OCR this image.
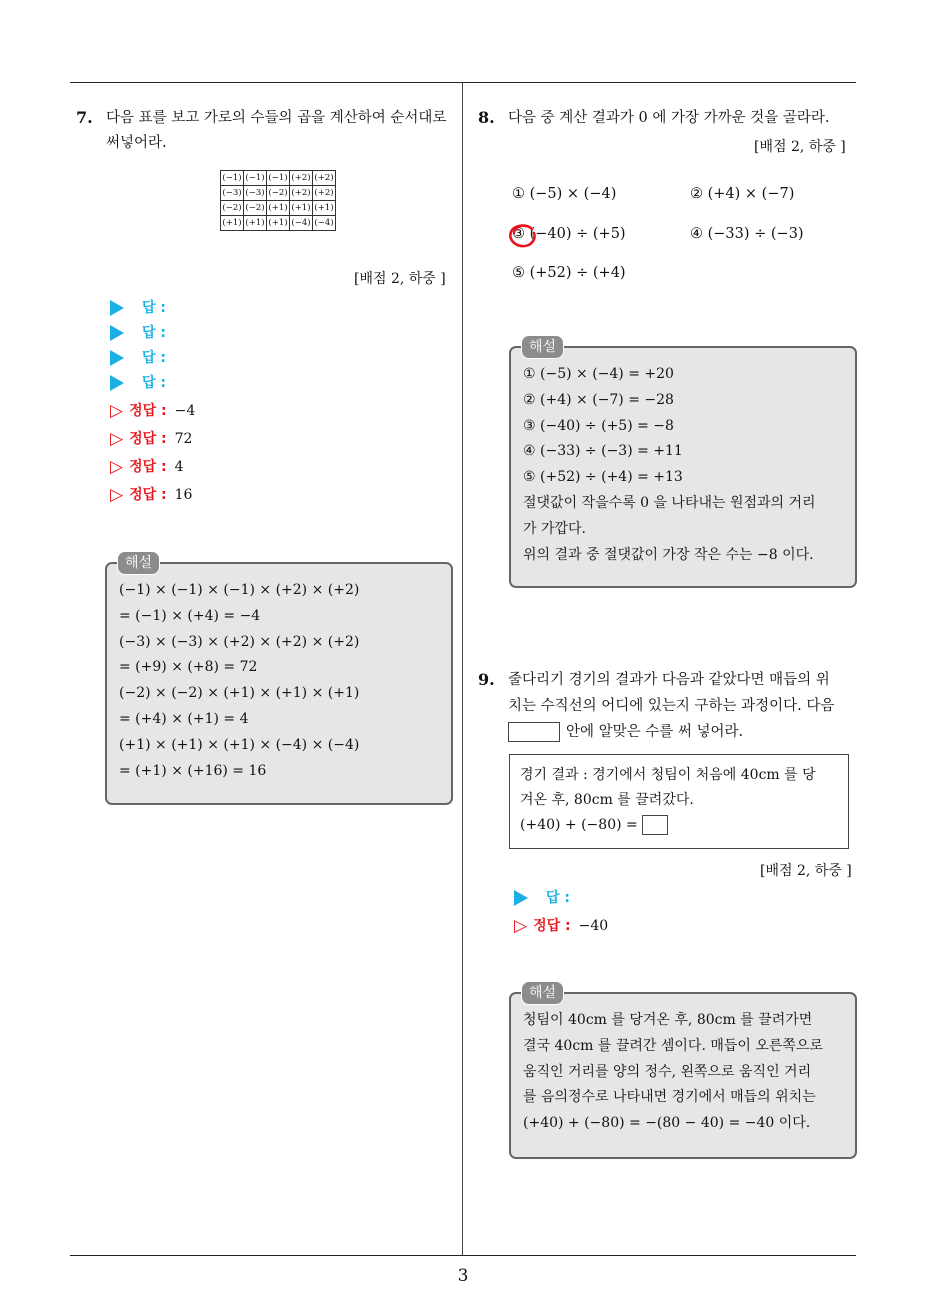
7. 다음 표를 보고 가로의 수들의 곱을 계산하여 순서대로 써넣어라.
(−1)	(−1)	(−1)	(+2)	(+2)
(−3)	(−3)	(−2)	(+2)	(+2)
(−2)	(−2)	(+1)	(+1)	(+1)
(+1)	(+1)	(+1)	(−4)	(−4)
[배점 2, 하중 ]
답 :
답 :
답 :
답 :
▷ 정답 : −4
▷ 정답 : 72
▷ 정답 : 4
▷ 정답 : 16
해설
(−1) × (−1) × (−1) × (+2) × (+2)
= (−1) × (+4) = −4
(−3) × (−3) × (+2) × (+2) × (+2)
= (+9) × (+8) = 72
(−2) × (−2) × (+1) × (+1) × (+1)
= (+4) × (+1) = 4
(+1) × (+1) × (+1) × (−4) × (−4)
= (+1) × (+16) = 16
8. 다음 중 계산 결과가 0 에 가장 가까운 것을 골라라.
[배점 2, 하중 ]
① (−5) × (−4)	② (+4) × (−7)
③ (−40) ÷ (+5)	④ (−33) ÷ (−3)
⑤ (+52) ÷ (+4)
해설
① (−5) × (−4) = +20
② (+4) × (−7) = −28
③ (−40) ÷ (+5) = −8
④ (−33) ÷ (−3) = +11
⑤ (+52) ÷ (+4) = +13
절댓값이 작을수록 0 을 나타내는 원점과의 거리
가 가깝다.
위의 결과 중 절댓값이 가장 작은 수는 −8 이다.
9. 줄다리기 경기의 결과가 다음과 같았다면 매듭의 위
치는 수직선의 어디에 있는지 구하는 과정이다. 다음
안에 알맞은 수를 써 넣어라.
경기 결과 : 경기에서 청팀이 처음에 40cm 를 당
겨온 후, 80cm 를 끌려갔다.
(+40) + (−80) =
[배점 2, 하중 ]
답 :
▷ 정답 : −40
해설
청팀이 40cm 를 당겨온 후, 80cm 를 끌려가면
결국 40cm 를 끌려간 셈이다. 매듭이 오른쪽으로
움직인 거리를 양의 정수, 왼쪽으로 움직인 거리
를 음의정수로 나타내면 경기에서 매듭의 위치는
(+40) + (−80) = −(80 − 40) = −40 이다.
3
